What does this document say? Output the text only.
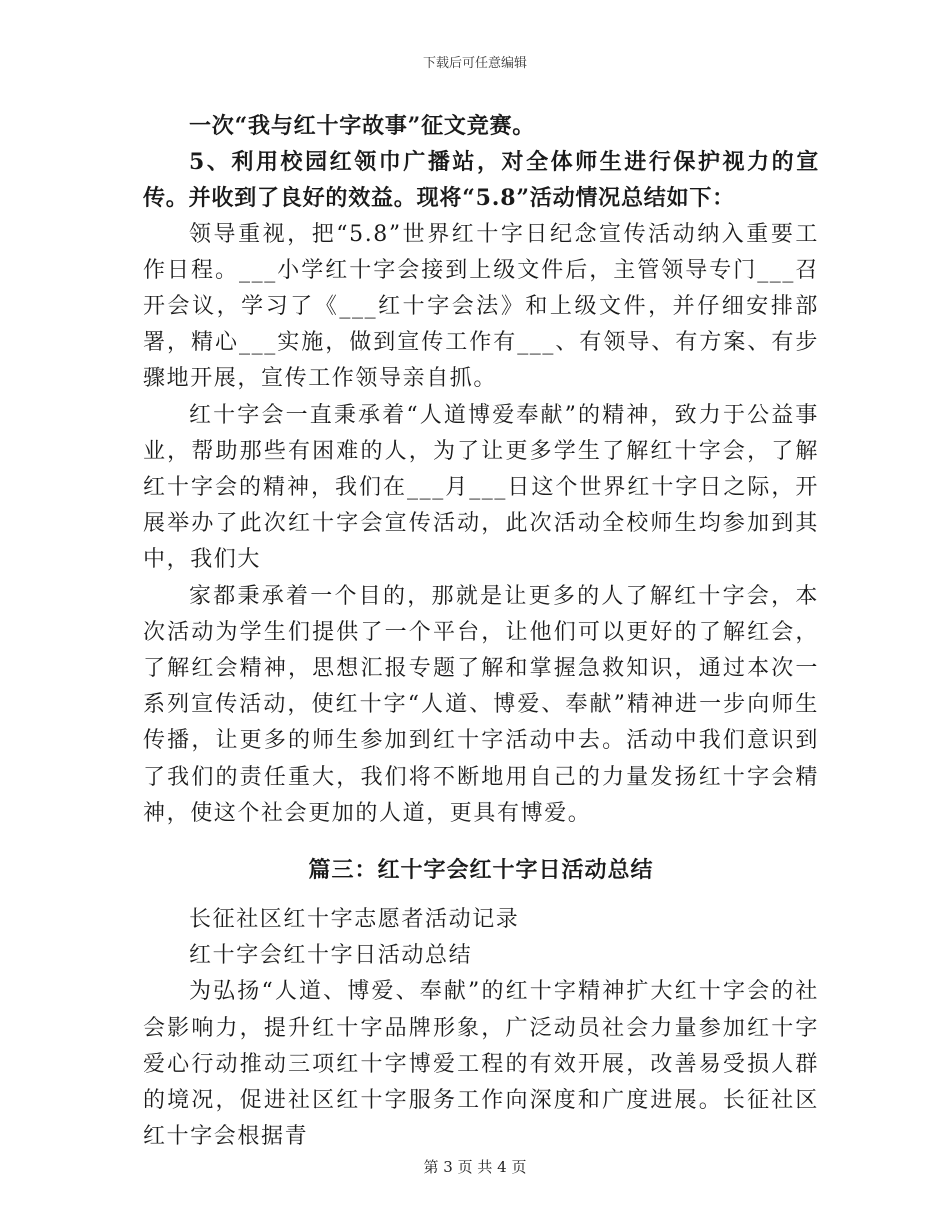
下载后可任意编辑

一次“我与红十字故事”征文竞赛。

5、利用校园红领巾广播站，对全体师生进行保护视力的宣传。并收到了良好的效益。现将“5.8”活动情况总结如下：

领导重视，把“5.8”世界红十字日纪念宣传活动纳入重要工作日程。___小学红十字会接到上级文件后，主管领导专门___召开会议，学习了《___红十字会法》和上级文件，并仔细安排部署，精心___实施，做到宣传工作有___、有领导、有方案、有步骤地开展，宣传工作领导亲自抓。

红十字会一直秉承着“人道博爱奉献”的精神，致力于公益事业，帮助那些有困难的人，为了让更多学生了解红十字会，了解红十字会的精神，我们在___月___日这个世界红十字日之际，开展举办了此次红十字会宣传活动，此次活动全校师生均参加到其中，我们大

家都秉承着一个目的，那就是让更多的人了解红十字会，本次活动为学生们提供了一个平台，让他们可以更好的了解红会，了解红会精神，思想汇报专题了解和掌握急救知识，通过本次一系列宣传活动，使红十字“人道、博爱、奉献”精神进一步向师生传播，让更多的师生参加到红十字活动中去。活动中我们意识到了我们的责任重大，我们将不断地用自己的力量发扬红十字会精神，使这个社会更加的人道，更具有博爱。

篇三：红十字会红十字日活动总结

长征社区红十字志愿者活动记录

红十字会红十字日活动总结

为弘扬“人道、博爱、奉献”的红十字精神扩大红十字会的社会影响力，提升红十字品牌形象，广泛动员社会力量参加红十字爱心行动推动三项红十字博爱工程的有效开展，改善易受损人群的境况，促进社区红十字服务工作向深度和广度进展。长征社区红十字会根据青

第 3 页 共 4 页
